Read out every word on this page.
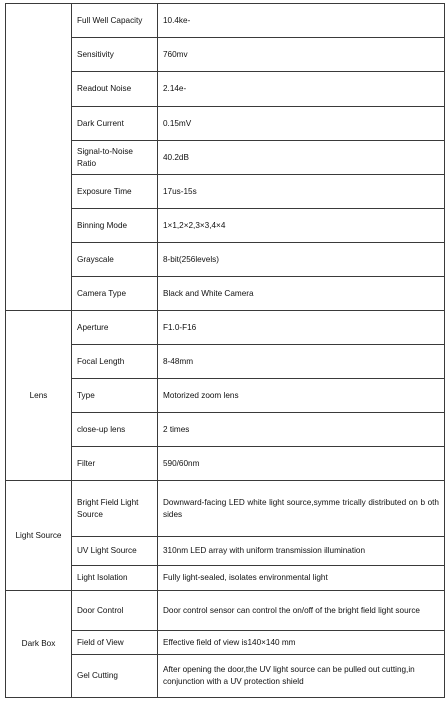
	Full Well Capacity	10.4ke-
	Sensitivity	760mv
	Readout Noise	2.14e-
	Dark Current	0.15mV
	Signal-to-Noise Ratio	40.2dB
	Exposure Time	17us-15s
	Binning Mode	1×1,2×2,3×3,4×4
	Grayscale	8-bit(256levels)
	Camera Type	Black and White Camera
Lens	Aperture	F1.0-F16
	Focal Length	8-48mm
	Type	Motorized zoom lens
	close-up lens	2 times
	Filter	590/60nm
Light Source	Bright Field Light Source	Downward-facing LED white light source,symme trically distributed on b oth sides
	UV Light Source	310nm LED array with uniform transmission illumination
	Light Isolation	Fully light-sealed, isolates environmental light
Dark Box	Door Control	Door control sensor can control the on/off of the bright field light source
	Field of View	Effective field of view is140×140 mm
	Gel Cutting	After opening the door,the UV light source can be pulled out cutting,in conjunction with a UV protection shield
